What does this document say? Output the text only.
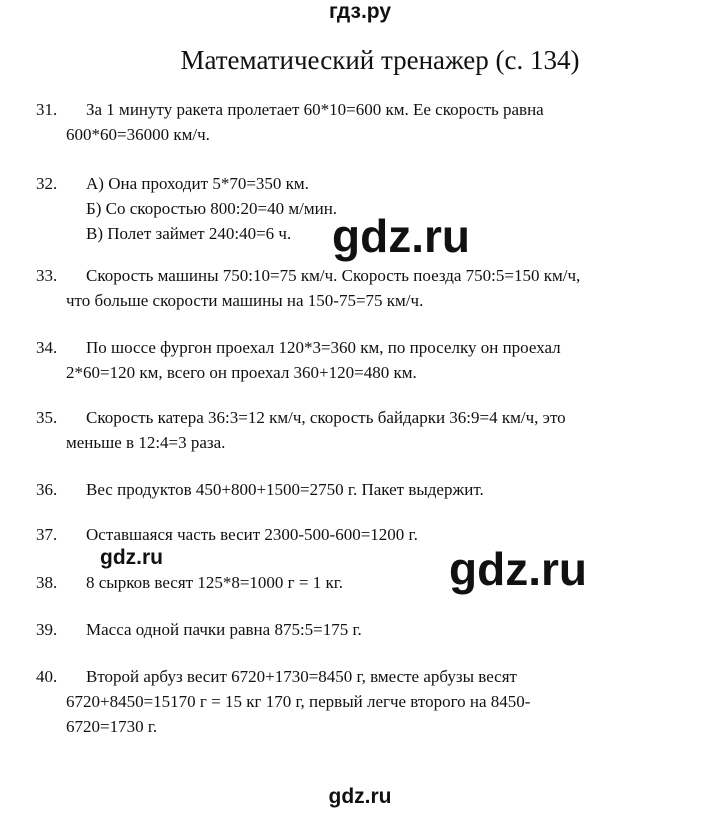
гдз.ру
Математический тренажер (с. 134)
31. За 1 минуту ракета пролетает 60*10=600 км. Ее скорость равна
600*60=36000 км/ч.
32. А) Она проходит 5*70=350 км.
Б) Со скоростью 800:20=40 м/мин.
В) Полет займет 240:40=6 ч.
33. Скорость машины 750:10=75 км/ч. Скорость поезда 750:5=150 км/ч,
что больше скорости машины на 150-75=75 км/ч.
34. По шоссе фургон проехал 120*3=360 км, по проселку он проехал
2*60=120 км, всего он проехал 360+120=480 км.
35. Скорость катера 36:3=12 км/ч, скорость байдарки 36:9=4 км/ч, это
меньше в 12:4=3 раза.
36. Вес продуктов 450+800+1500=2750 г. Пакет выдержит.
37. Оставшаяся часть весит 2300-500-600=1200 г.
38. 8 сырков весят 125*8=1000 г = 1 кг.
39. Масса одной пачки равна 875:5=175 г.
40. Второй арбуз весит 6720+1730=8450 г, вместе арбузы весят
6720+8450=15170 г = 15 кг 170 г, первый легче второго на 8450-
6720=1730 г.
gdz.ru
gdz.ru
gdz.ru
gdz.ru
